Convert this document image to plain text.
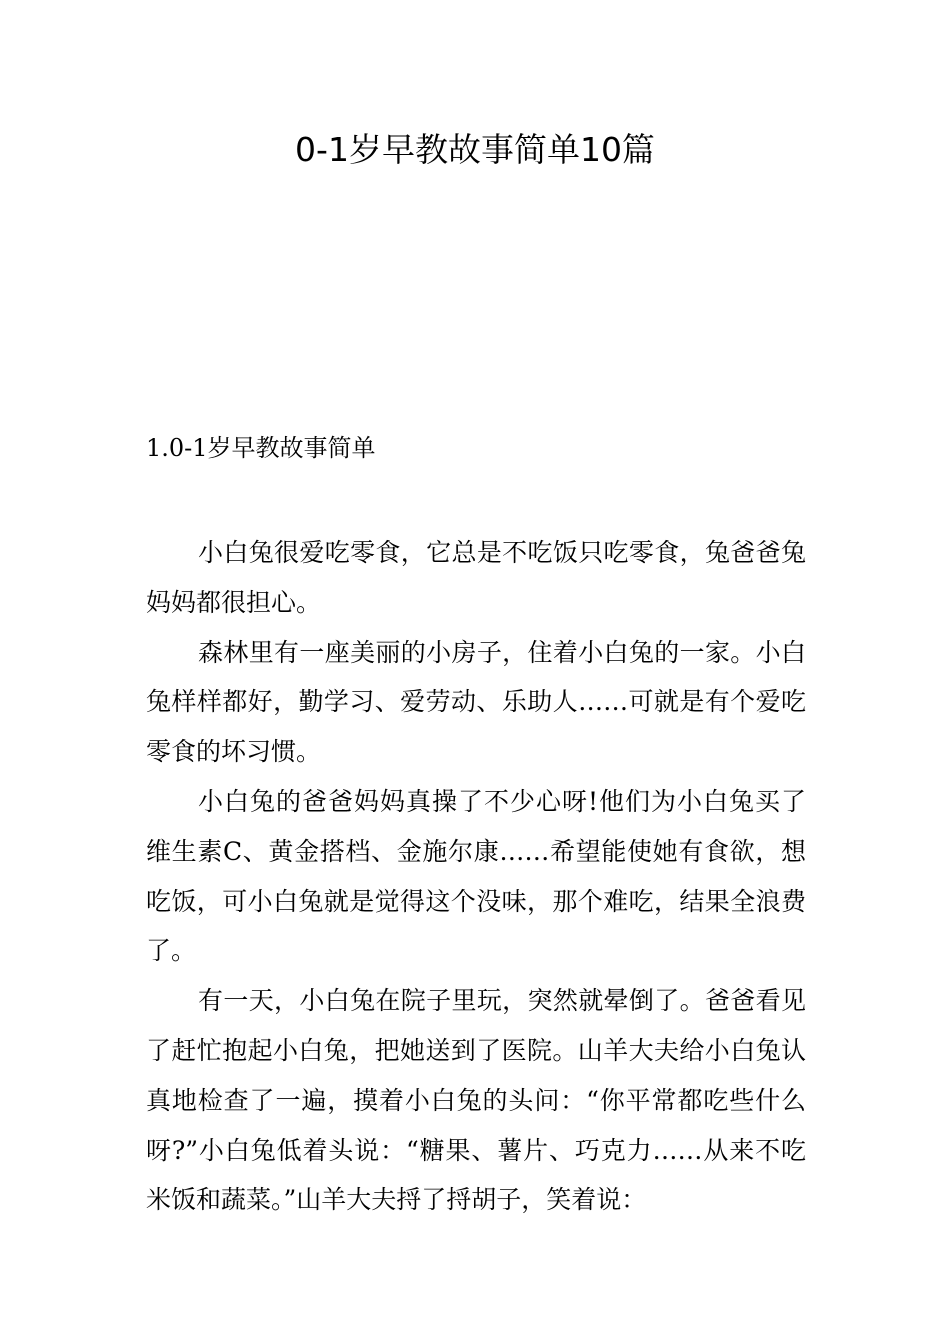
0-1岁早教故事简单10篇
1.0-1岁早教故事简单

小白兔很爱吃零食，它总是不吃饭只吃零食，兔爸爸兔妈妈都很担心。

森林里有一座美丽的小房子，住着小白兔的一家。小白兔样样都好，勤学习、爱劳动、乐助人……可就是有个爱吃零食的坏习惯。

小白兔的爸爸妈妈真操了不少心呀!他们为小白兔买了维生素C、黄金搭档、金施尔康……希望能使她有食欲，想吃饭，可小白兔就是觉得这个没味，那个难吃，结果全浪费了。

有一天，小白兔在院子里玩，突然就晕倒了。爸爸看见了赶忙抱起小白兔，把她送到了医院。山羊大夫给小白兔认真地检查了一遍，摸着小白兔的头问：“你平常都吃些什么呀?”小白兔低着头说：“糖果、薯片、巧克力……从来不吃米饭和蔬菜。”山羊大夫捋了捋胡子，笑着说：
